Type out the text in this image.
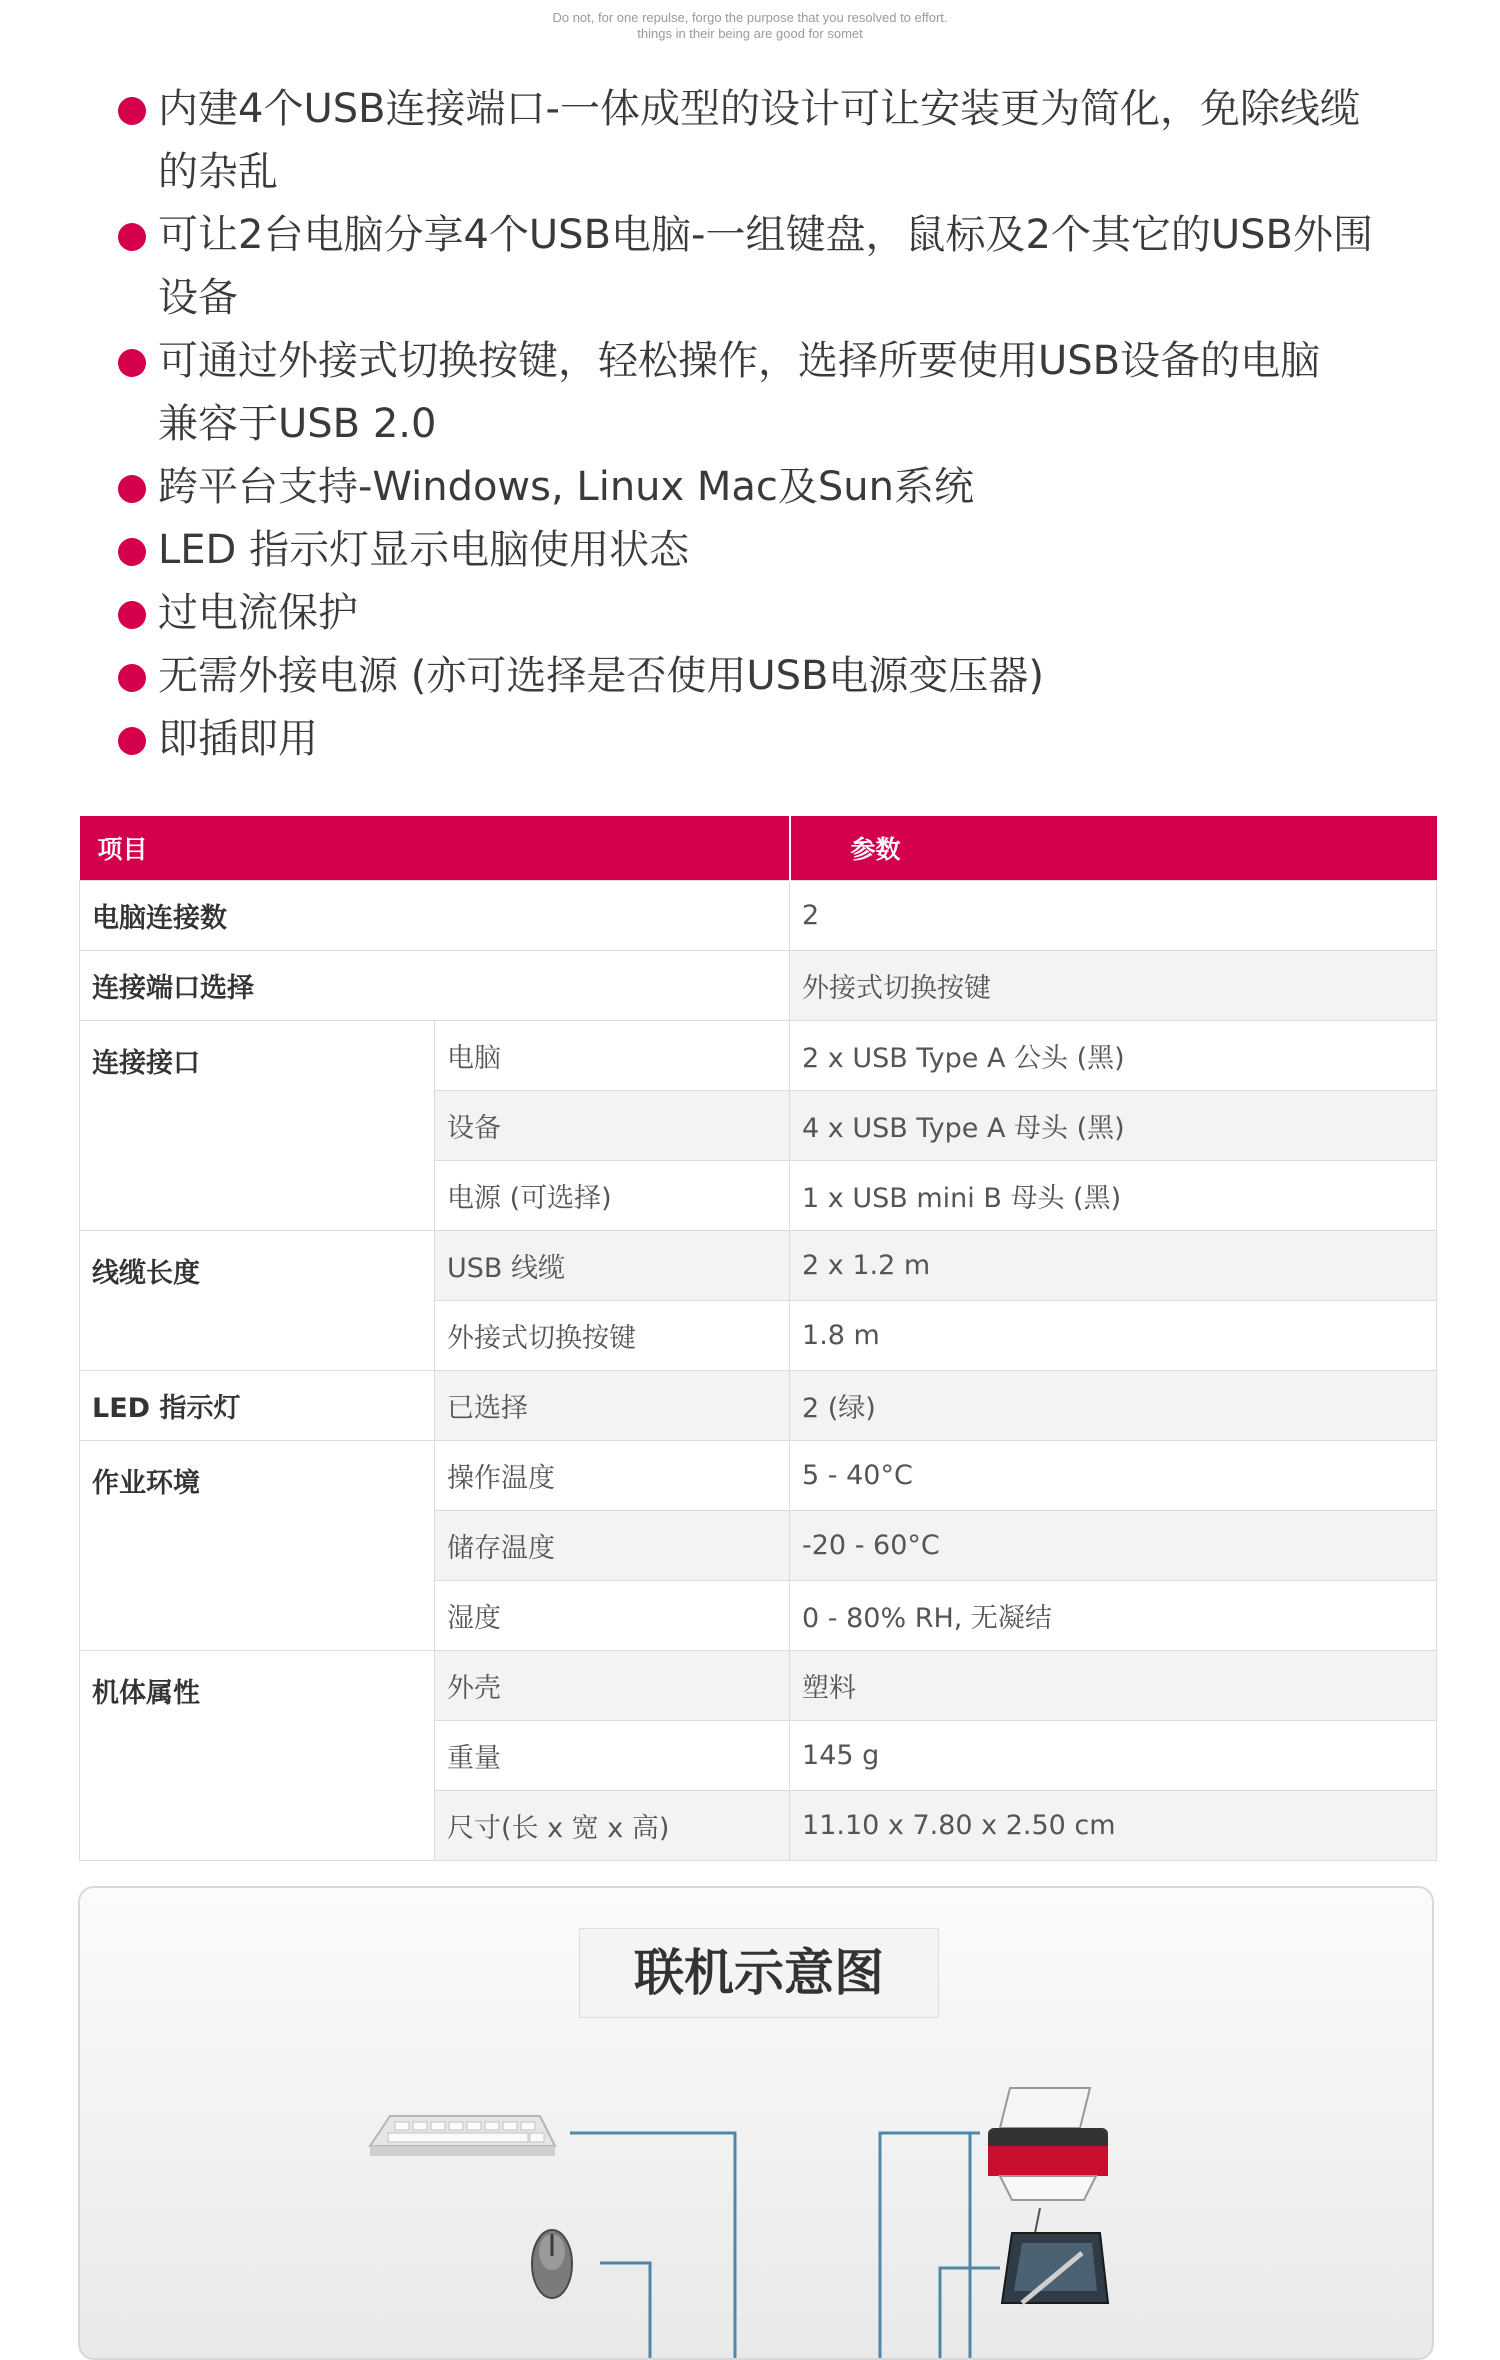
Do not, for one repulse, forgo the purpose that you resolved to effort.
things in their being are good for somet
内建4个USB连接端口-一体成型的设计可让安装更为简化，免除线缆
的杂乱
可让2台电脑分享4个USB电脑-一组键盘，鼠标及2个其它的USB外围
设备
可通过外接式切换按键，轻松操作，选择所要使用USB设备的电脑
兼容于USB 2.0
跨平台支持-Windows, Linux Mac及Sun系统
LED 指示灯显示电脑使用状态
过电流保护
无需外接电源 (亦可选择是否使用USB电源变压器)
即插即用
项目		参数
电脑连接数		2
连接端口选择		外接式切换按键
连接接口	电脑	2 x USB Type A 公头 (黑)
	设备	4 x USB Type A 母头 (黑)
	电源 (可选择)	1 x USB mini B 母头 (黑)
线缆长度	USB 线缆	2 x 1.2 m
	外接式切换按键	1.8 m
LED 指示灯	已选择	2 (绿)
作业环境	操作温度	5 - 40°C
	储存温度	-20 - 60°C
	湿度	0 - 80% RH, 无凝结
机体属性	外壳	塑料
	重量	145 g
	尺寸(长 x 宽 x 高)	11.10 x 7.80 x 2.50 cm
联机示意图
